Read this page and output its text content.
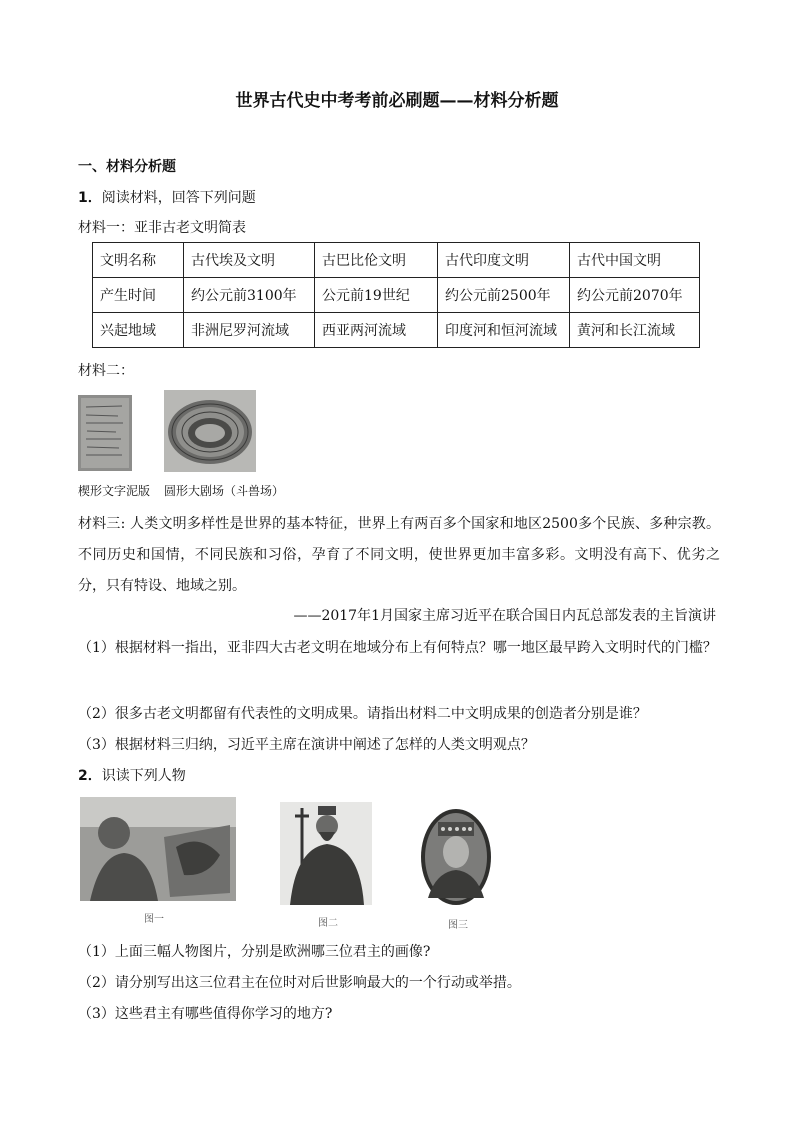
世界古代史中考考前必刷题——材料分析题
一、材料分析题
1．阅读材料，回答下列问题
材料一：亚非古老文明简表
文明名称	古代埃及文明	古巴比伦文明	古代印度文明	古代中国文明
产生时间	约公元前3100年	公元前19世纪	约公元前2500年	约公元前2070年
兴起地域	非洲尼罗河流域	西亚两河流域	印度河和恒河流域	黄河和长江流域
材料二：
楔形文字泥版 圆形大剧场（斗兽场）
材料三: 人类文明多样性是世界的基本特征，世界上有两百多个国家和地区2500多个民族、多种宗教。不同历史和国情，不同民族和习俗，孕育了不同文明，使世界更加丰富多彩。文明没有高下、优劣之分，只有特设、地域之别。
——2017年1月国家主席习近平在联合国日内瓦总部发表的主旨演讲
（1）根据材料一指出，亚非四大古老文明在地域分布上有何特点？哪一地区最早跨入文明时代的门槛？
（2）很多古老文明都留有代表性的文明成果。请指出材料二中文明成果的创造者分别是谁？
（3）根据材料三归纳，习近平主席在演讲中阐述了怎样的人类文明观点？
2．识读下列人物
图一	图二	图三
（1）上面三幅人物图片，分别是欧洲哪三位君主的画像?
（2）请分别写出这三位君主在位时对后世影响最大的一个行动或举措。
（3）这些君主有哪些值得你学习的地方?
